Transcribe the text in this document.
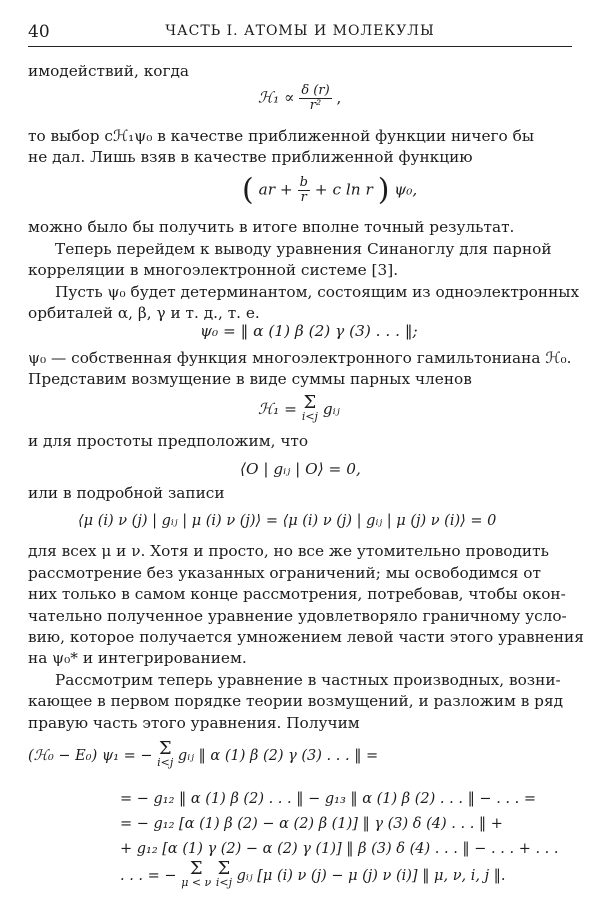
40	ЧАСТЬ I. АТОМЫ И МОЛЕКУЛЫ
имодействий, когда
ℋ₁ ∝ $\frac{\delta (r)}{\text{r²}}$ ,
то выбор cℋ₁ψ₀ в качестве приближенной функции ничего бы
не дал. Лишь взяв в качестве приближенной функцию
( ar + $\frac{b}{r} + c$ ln r ) ψ₀,
можно было бы получить в итоге вполне точный результат.
Теперь перейдем к выводу уравнения Синаноглу для парной
корреляции в многоэлектронной системе [3].
Пусть ψ₀ будет детерминантом, состоящим из одноэлектронных
орбиталей α, β, γ и т. д., т. е.
ψ₀ = ‖ α (1) β (2) γ (3) . . . ‖;
ψ₀ — собственная функция многоэлектронного гамильтониана ℋ₀.
Представим возмущение в виде суммы парных членов
ℋ₁ = Σ
i<j gᵢⱼ
и для простоты предположим, что
⟨O | gᵢⱼ | O⟩ = 0,
или в подробной записи
⟨μ (i) ν (j) | gᵢⱼ | μ (i) ν (j)⟩ = ⟨μ (i) ν (j) | gᵢⱼ | μ (j) ν (i)⟩ = 0
для всех μ и ν. Хотя и просто, но все же утомительно проводить
рассмотрение без указанных ограничений; мы освободимся от
них только в самом конце рассмотрения, потребовав, чтобы окон-
чательно полученное уравнение удовлетворяло граничному усло-
вию, которое получается умножением левой части этого уравнения
на ψ₀* и интегрированием.
Рассмотрим теперь уравнение в частных производных, возни-
кающее в первом порядке теории возмущений, и разложим в ряд
правую часть этого уравнения. Получим
(ℋ₀ − E₀) ψ₁ = − Σ
i<j gᵢⱼ ‖ α (1) β (2) γ (3) . . . ‖ =
= − g₁₂ ‖ α (1) β (2) . . . ‖ − g₁₃ ‖ α (1) β (2) . . . ‖ − . . . =
= − g₁₂ [α (1) β (2) − α (2) β (1)] ‖ γ (3) δ (4) . . . ‖ +
+ g₁₂ [α (1) γ (2) − α (2) γ (1)] ‖ β (3) δ (4) . . . ‖ − . . . + . . .
. . . = − Σ
μ < ν

Σ
i<j gᵢⱼ [μ (i) ν (j) − μ (j) ν (i)] ‖ μ, ν, i, j ‖.
